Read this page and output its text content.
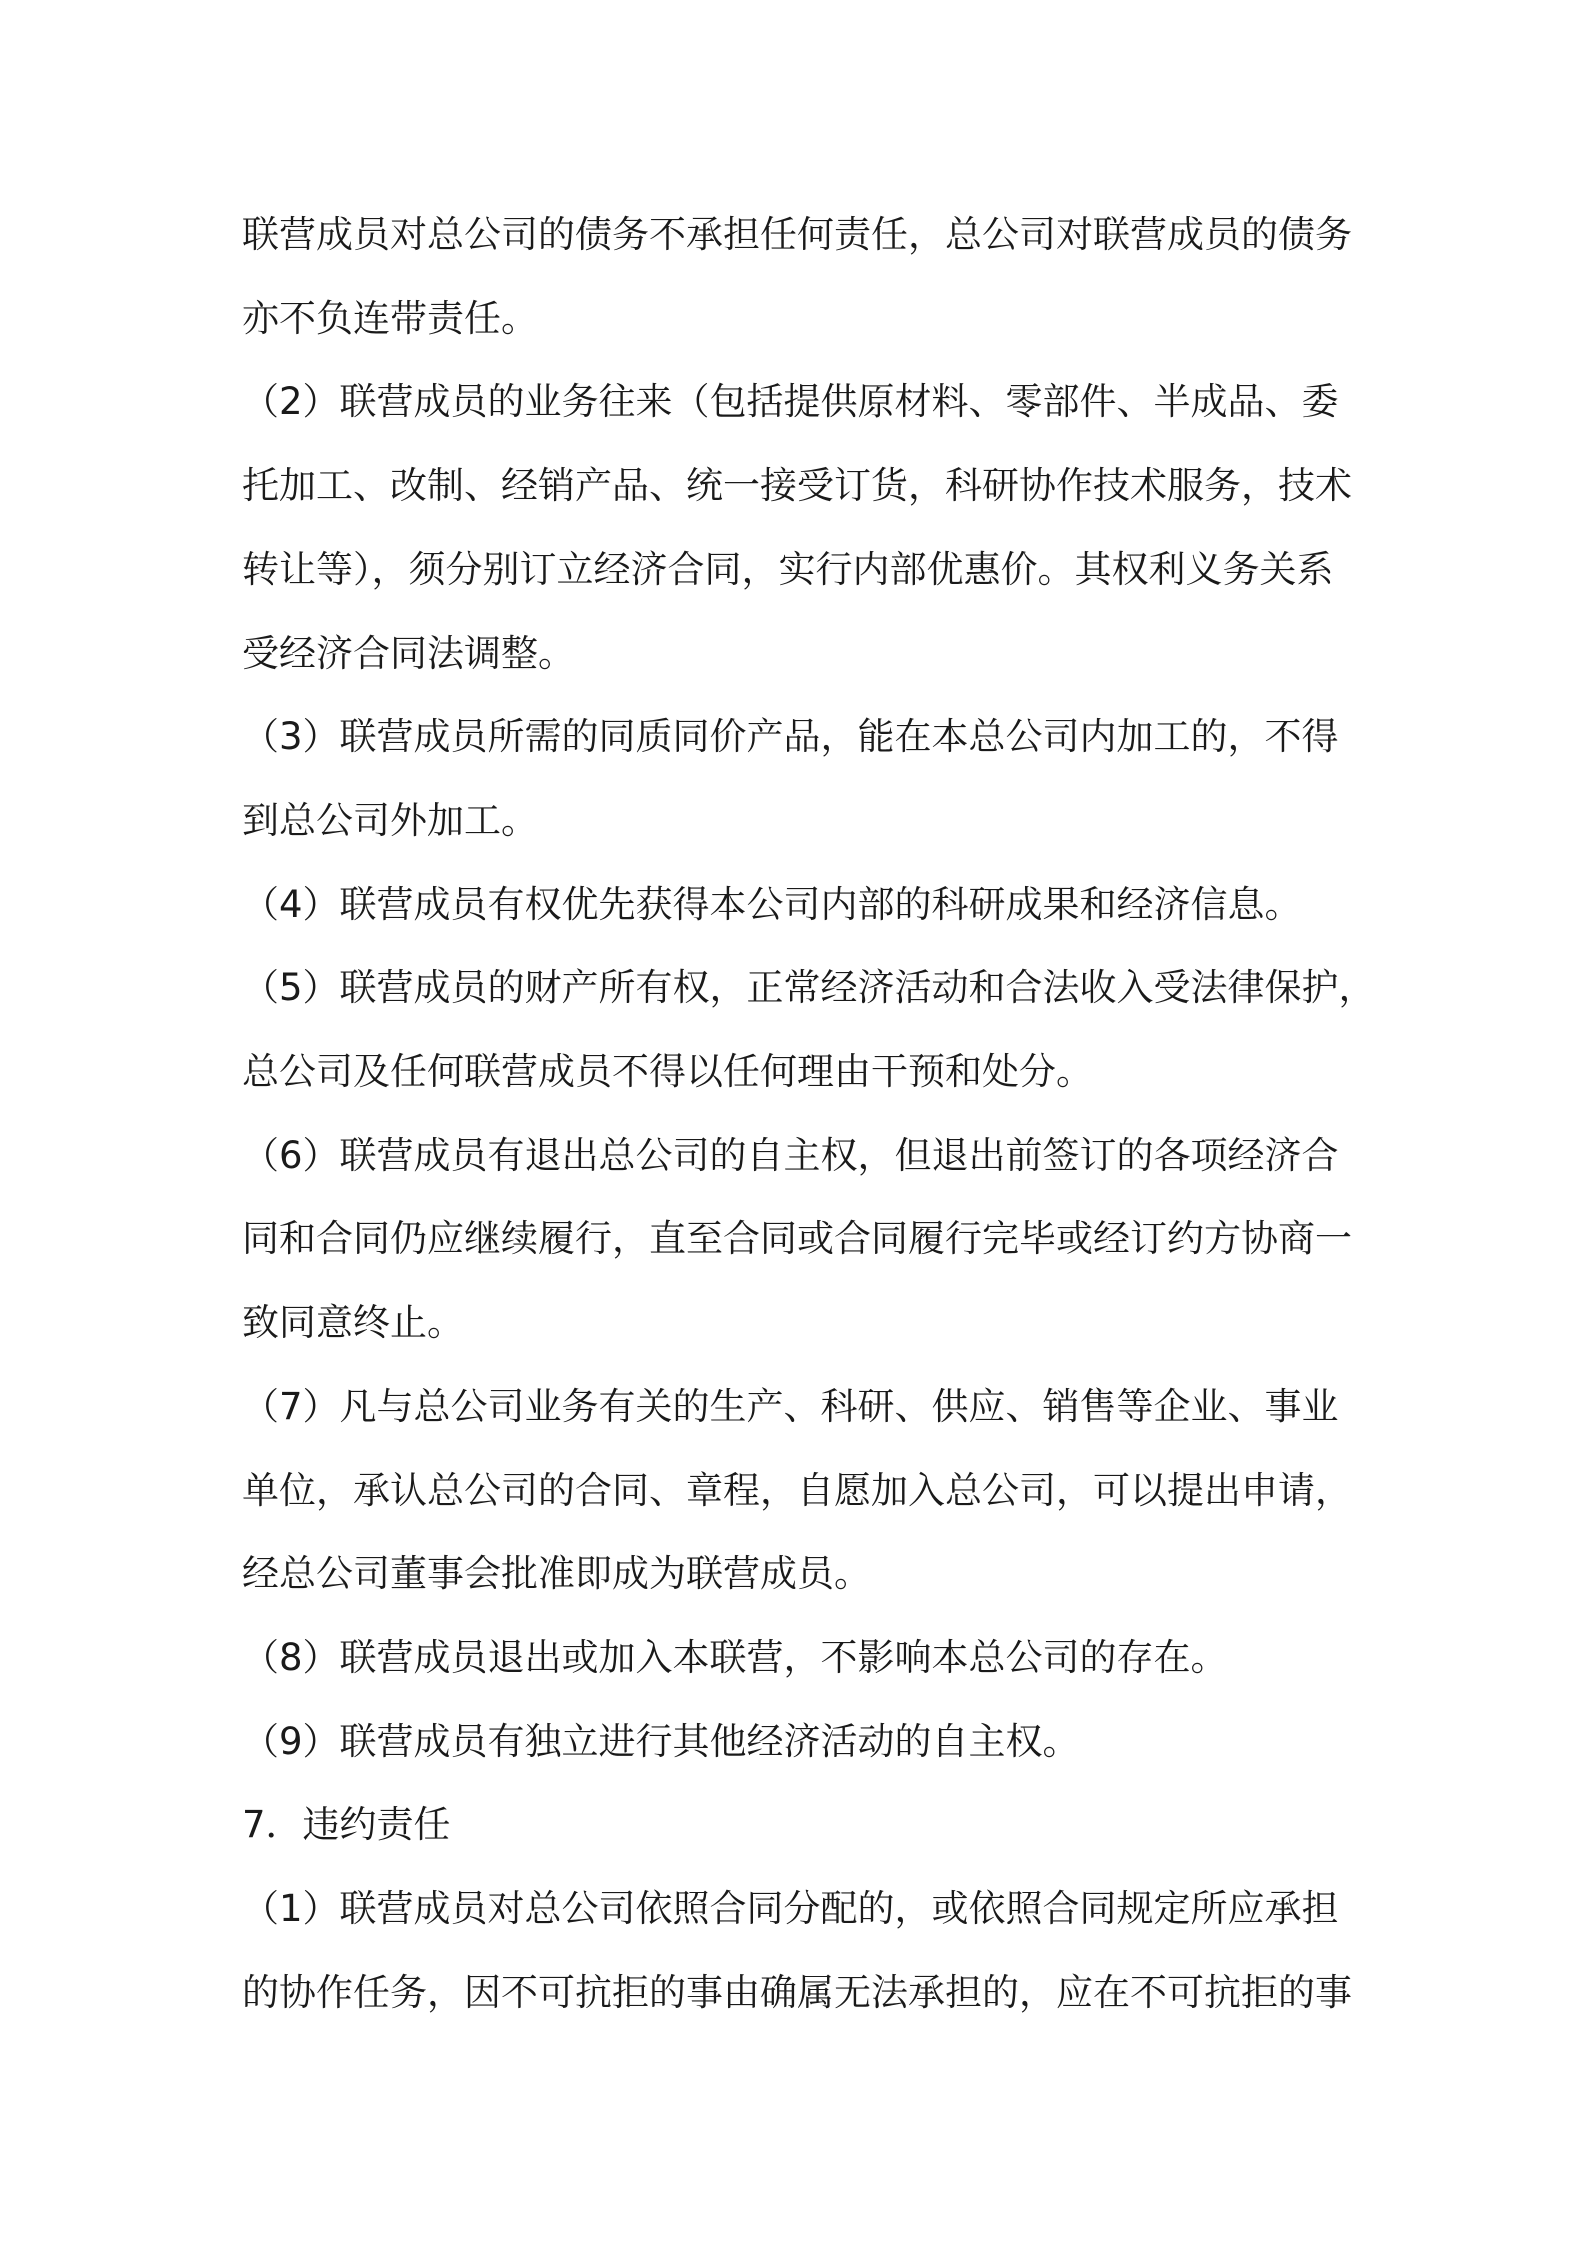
联营成员对总公司的债务不承担任何责任，总公司对联营成员的债务
亦不负连带责任。

（2）联营成员的业务往来（包括提供原材料、零部件、半成品、委
托加工、改制、经销产品、统一接受订货，科研协作技术服务，技术
转让等），须分别订立经济合同，实行内部优惠价。其权利义务关系
受经济合同法调整。

（3）联营成员所需的同质同价产品，能在本总公司内加工的，不得
到总公司外加工。

（4）联营成员有权优先获得本公司内部的科研成果和经济信息。

（5）联营成员的财产所有权，正常经济活动和合法收入受法律保护，
总公司及任何联营成员不得以任何理由干预和处分。

（6）联营成员有退出总公司的自主权，但退出前签订的各项经济合
同和合同仍应继续履行，直至合同或合同履行完毕或经订约方协商一
致同意终止。

（7）凡与总公司业务有关的生产、科研、供应、销售等企业、事业
单位，承认总公司的合同、章程，自愿加入总公司，可以提出申请，
经总公司董事会批准即成为联营成员。

（8）联营成员退出或加入本联营，不影响本总公司的存在。

（9）联营成员有独立进行其他经济活动的自主权。

7．违约责任

（1）联营成员对总公司依照合同分配的，或依照合同规定所应承担
的协作任务，因不可抗拒的事由确属无法承担的，应在不可抗拒的事
